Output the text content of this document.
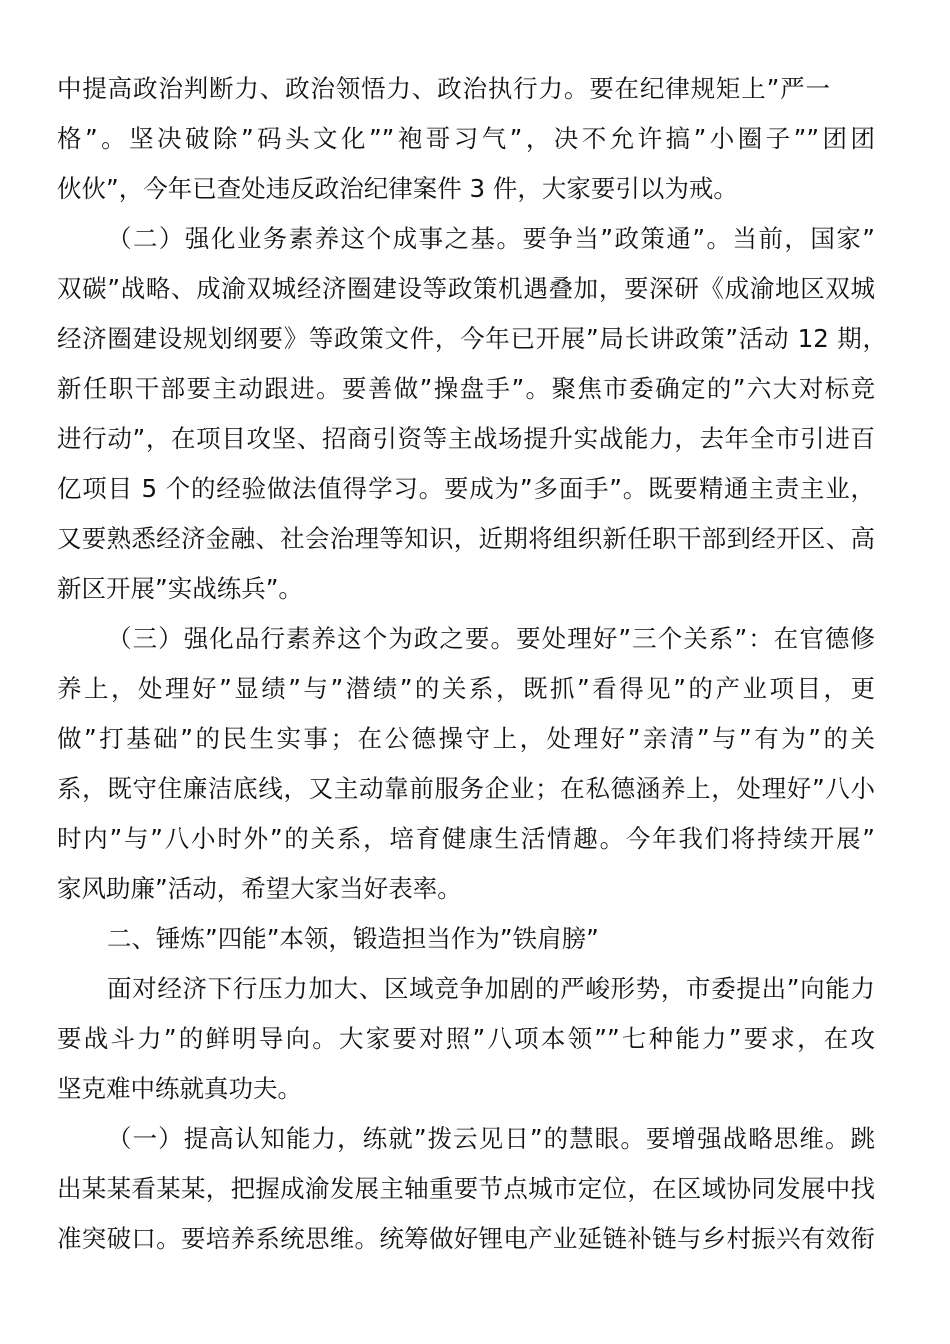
中提高政治判断力、政治领悟力、政治执行力。要在纪律规矩上”严一
格”。坚决破除”码头文化””袍哥习气”，决不允许搞”小圈子””团团
伙伙”，今年已查处违反政治纪律案件 3 件，大家要引以为戒。
（二）强化业务素养这个成事之基。要争当”政策通”。当前，国家”
双碳”战略、成渝双城经济圈建设等政策机遇叠加，要深研《成渝地区双城
经济圈建设规划纲要》等政策文件，今年已开展”局长讲政策”活动 12 期，
新任职干部要主动跟进。要善做”操盘手”。聚焦市委确定的”六大对标竞
进行动”，在项目攻坚、招商引资等主战场提升实战能力，去年全市引进百
亿项目 5 个的经验做法值得学习。要成为”多面手”。既要精通主责主业，
又要熟悉经济金融、社会治理等知识，近期将组织新任职干部到经开区、高
新区开展”实战练兵”。
（三）强化品行素养这个为政之要。要处理好”三个关系”：在官德修
养上，处理好”显绩”与”潜绩”的关系，既抓”看得见”的产业项目，更
做”打基础”的民生实事；在公德操守上，处理好”亲清”与”有为”的关
系，既守住廉洁底线，又主动靠前服务企业；在私德涵养上，处理好”八小
时内”与”八小时外”的关系，培育健康生活情趣。今年我们将持续开展”
家风助廉”活动，希望大家当好表率。
二、锤炼”四能”本领，锻造担当作为”铁肩膀”
面对经济下行压力加大、区域竞争加剧的严峻形势，市委提出”向能力
要战斗力”的鲜明导向。大家要对照”八项本领””七种能力”要求，在攻
坚克难中练就真功夫。
（一）提高认知能力，练就”拨云见日”的慧眼。要增强战略思维。跳
出某某看某某，把握成渝发展主轴重要节点城市定位，在区域协同发展中找
准突破口。要培养系统思维。统筹做好锂电产业延链补链与乡村振兴有效衔
